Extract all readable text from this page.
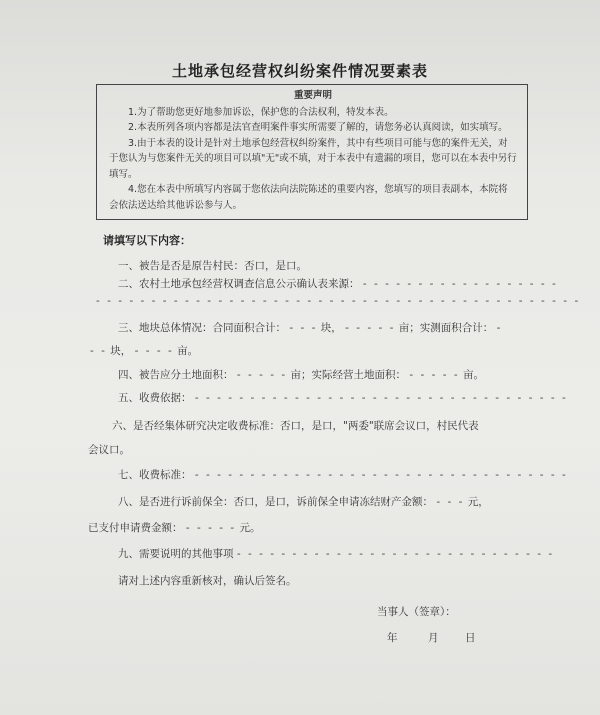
土地承包经营权纠纷案件情况要素表
重要声明

1.为了帮助您更好地参加诉讼，保护您的合法权利，特发本表。

2.本表所列各项内容都是法官查明案件事实所需要了解的，请您务必认真阅读，如实填写。

3.由于本表的设计是针对土地承包经营权纠纷案件，其中有些项目可能与您的案件无关，对于您认为与您案件无关的项目可以填"无"或不填，对于本表中有遗漏的项目，您可以在本表中另行填写。

4.您在本表中所填写内容属于您依法向法院陈述的重要内容，您填写的项目表副本，本院将会依法送达给其他诉讼参与人。

请填写以下内容：
一、被告是否是原告村民：否口，是口。
二、农村土地承包经营权调查信息公示确认表来源： - - - - - - - - - - - - - - - - - -
- - - - - - - - - - - - - - - - - - - - - - - - - - - - - - - - - - - - - - - - - - - -
三、地块总体情况：合同面积合计： - - - 块， - - - - - 亩；实测面积合计： -
- - 块， - - - - 亩。
四、被告应分土地面积： - - - - - 亩；实际经营土地面积： - - - - - 亩。
五、收费依据： - - - - - - - - - - - - - - - - - - - - - - - - - - - - - - - - - -
六、是否经集体研究决定收费标准：否口，是口，"两委"联席会议口，村民代表
会议口。
七、收费标准： - - - - - - - - - - - - - - - - - - - - - - - - - - - - - - - - - -
八、是否进行诉前保全：否口，是口，诉前保全申请冻结财产金额： - - - 元，
已支付申请费金额： - - - - - 元。
九、需要说明的其他事项 - - - - - - - - - - - - - - - - - - - - - - - - - - - - -
请对上述内容重新核对，确认后签名。
当事人（签章）：
年	月	日
